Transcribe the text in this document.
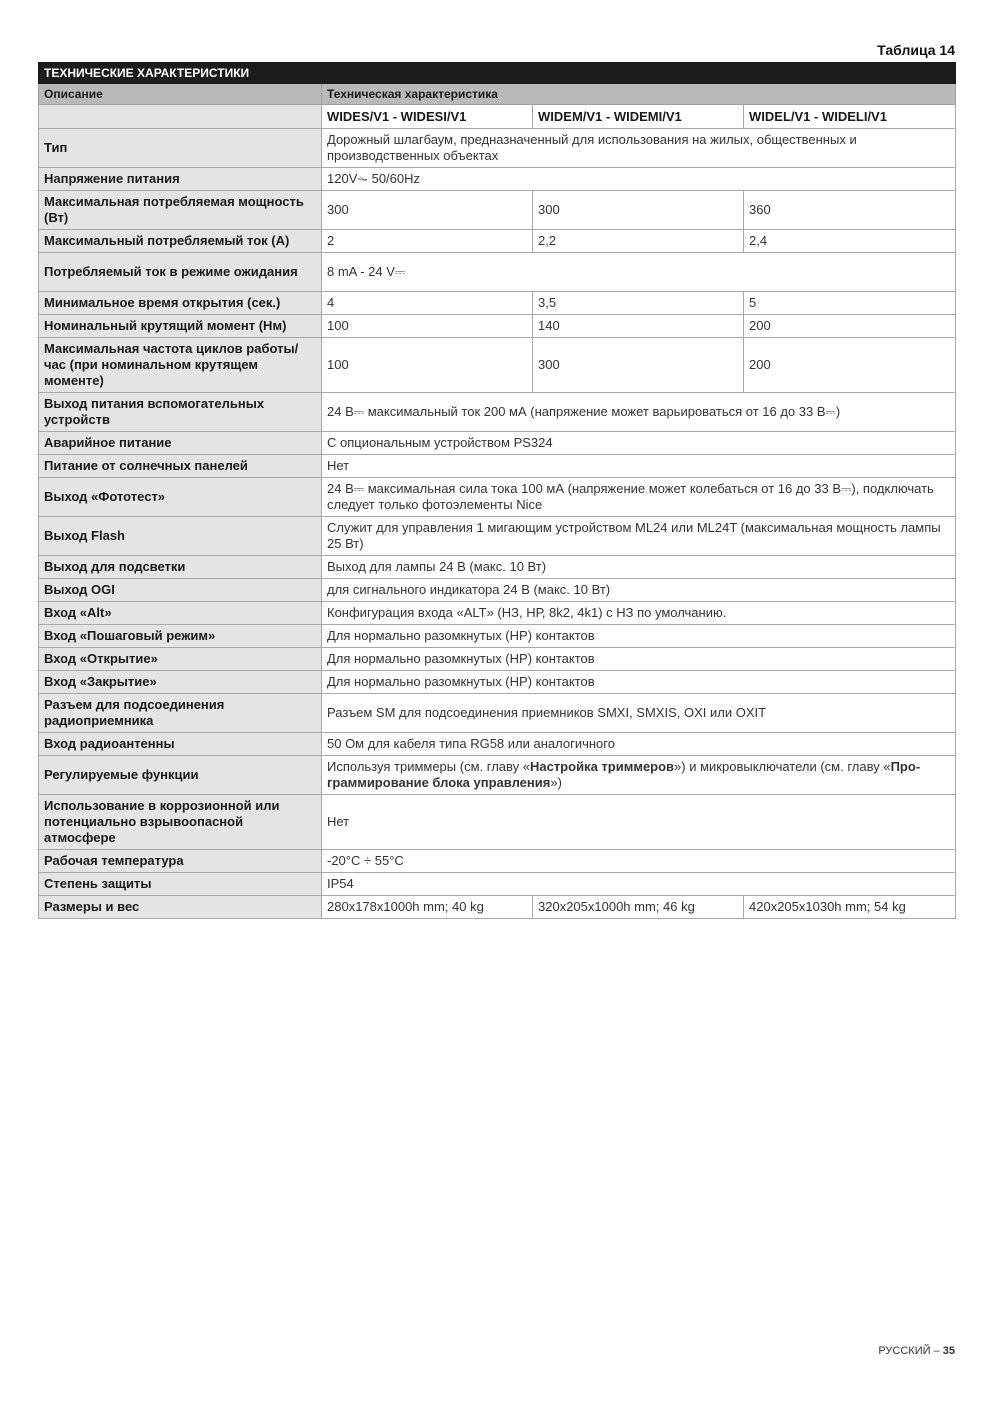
Таблица 14
ТЕХНИЧЕСКИЕ ХАРАКТЕРИСТИКИ			
Описание	Техническая характеристика		
	WIDES/V1 - WIDESI/V1	WIDEM/V1 - WIDEMI/V1	WIDEL/V1 - WIDELI/V1
Тип	Дорожный шлагбаум, предназначенный для использования на жилых, общественных и производственных объектах		
Напряжение питания	120V⏦ 50/60Hz		
Максимальная потребляемая мощность (Вт)	300	300	360
Максимальный потребляемый ток (А)	2	2,2	2,4
Потребляемый ток в режиме ожидания	8 mA - 24 V⎓		
Минимальное время открытия (сек.)	4	3,5	5
Номинальный крутящий момент (Нм)	100	140	200
Максимальная частота циклов работы/час (при номинальном крутящем моменте)	100	300	200
Выход питания вспомогательных устройств	24 В⎓ максимальный ток 200 мА (напряжение может варьироваться от 16 до 33 В⎓)		
Аварийное питание	С опциональным устройством PS324		
Питание от солнечных панелей	Нет		
Выход «Фототест»	24 В⎓ максимальная сила тока 100 мА (напряжение может колебаться от 16 до 33 В⎓), подключать следует только фотоэлементы Nice		
Выход Flash	Служит для управления 1 мигающим устройством ML24 или ML24T (максимальная мощность лампы 25 Вт)		
Выход для подсветки	Выход для лампы 24 В (макс. 10 Вт)		
Выход OGI	для сигнального индикатора 24 В (макс. 10 Вт)		
Вход «Alt»	Конфигурация входа «ALT» (НЗ, НР, 8k2, 4k1) с НЗ по умолчанию.		
Вход «Пошаговый режим»	Для нормально разомкнутых (НР) контактов		
Вход «Открытие»	Для нормально разомкнутых (НР) контактов		
Вход «Закрытие»	Для нормально разомкнутых (НР) контактов		
Разъем для подсоединения радиоприемника	Разъем SM для подсоединения приемников SMXI, SMXIS, OXI или OXIT		
Вход радиоантенны	50 Ом для кабеля типа RG58 или аналогичного		
Регулируемые функции	Используя триммеры (см. главу «Настройка триммеров») и микровыключатели (см. главу «Программирование блока управления»)		
Использование в коррозионной или потенциально взрывоопасной атмосфере	Нет		
Рабочая температура	-20°C ÷ 55°C		
Степень защиты	IP54		
Размеры и вес	280x178x1000h mm; 40 kg	320x205x1000h mm; 46 kg	420x205x1030h mm; 54 kg
РУССКИЙ – 35
